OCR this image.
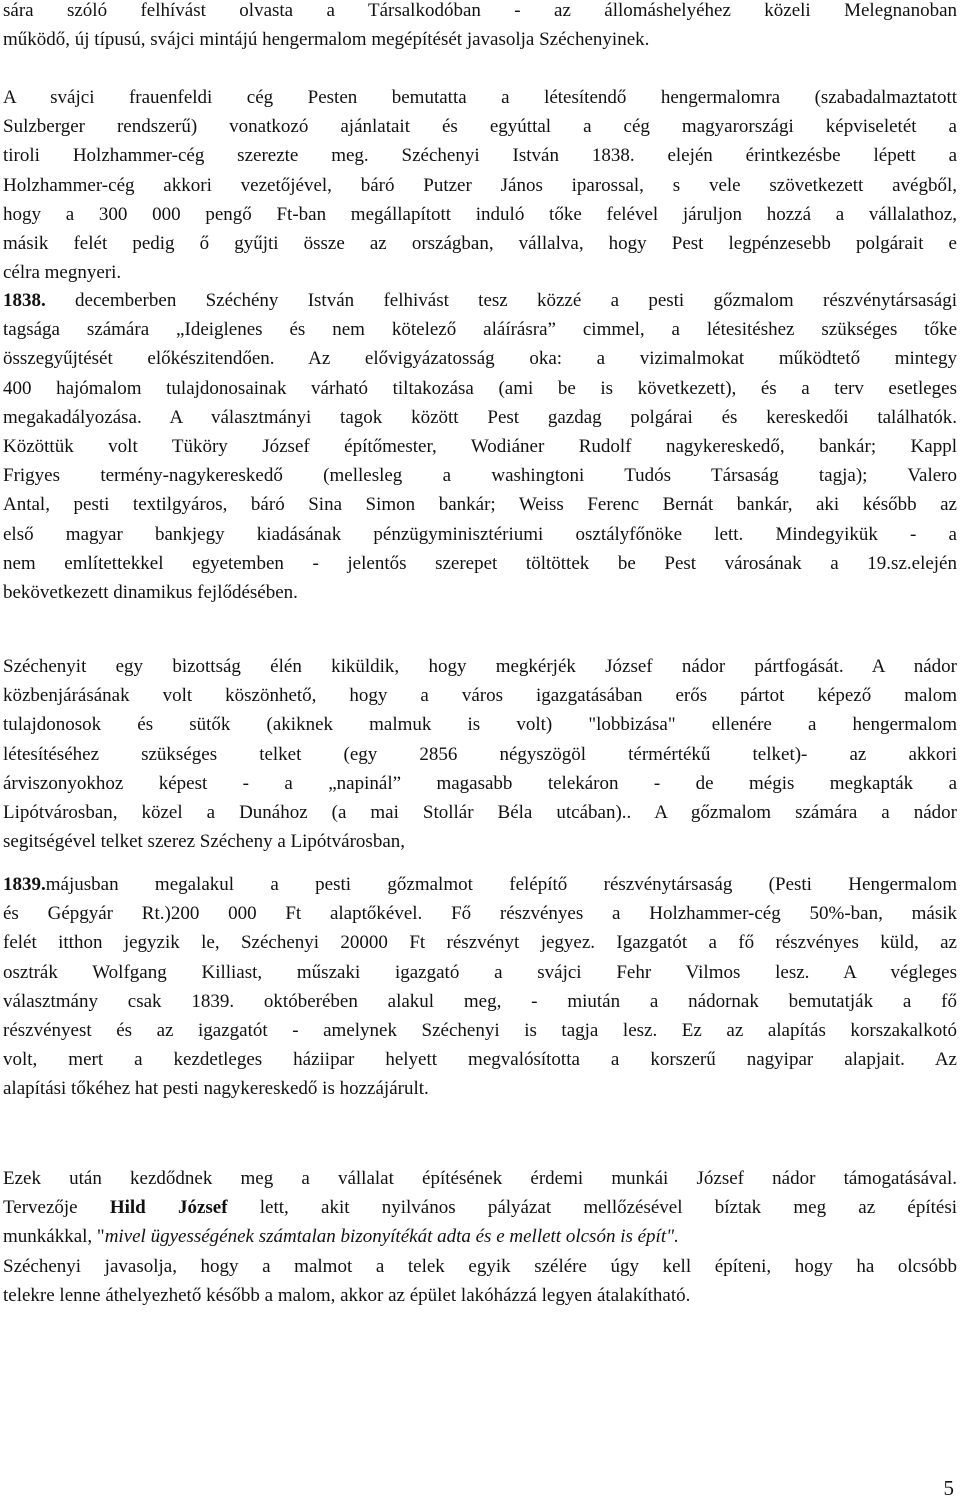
sára szóló felhívást olvasta a Társalkodóban - az állomáshelyéhez közeli Melegnanoban
működő, új típusú, svájci mintájú hengermalom megépítését javasolja Széchenyinek.
A svájci frauenfeldi cég Pesten bemutatta a létesítendő hengermalomra (szabadalmaztatott
Sulzberger rendszerű) vonatkozó ajánlatait és egyúttal a cég magyarországi képviseletét a
tiroli Holzhammer-cég szerezte meg. Széchenyi István 1838. elején érintkezésbe lépett a
Holzhammer-cég akkori vezetőjével, báró Putzer János iparossal, s vele szövetkezett avégből,
hogy a 300 000 pengő Ft-ban megállapított induló tőke felével járuljon hozzá a vállalathoz,
másik felét pedig ő gyűjti össze az országban, vállalva, hogy Pest legpénzesebb polgárait e
célra megnyeri.
1838. decemberben Széchény István felhivást tesz közzé a pesti gőzmalom részvénytársasági
tagsága számára „Ideiglenes és nem kötelező aláírásra” cimmel, a létesitéshez szükséges tőke
összegyűjtését előkészitendően. Az elővigyázatosság oka: a vizimalmokat működtető mintegy
400 hajómalom tulajdonosainak várható tiltakozása (ami be is következett), és a terv esetleges
megakadályozása. A választmányi tagok között Pest gazdag polgárai és kereskedői találhatók.
Közöttük volt Tüköry József építőmester, Wodiáner Rudolf nagykereskedő, bankár; Kappl
Frigyes termény-nagykereskedő (mellesleg a washingtoni Tudós Társaság tagja); Valero
Antal, pesti textilgyáros, báró Sina Simon bankár; Weiss Ferenc Bernát bankár, aki később az
első magyar bankjegy kiadásának pénzügyminisztériumi osztályfőnöke lett. Mindegyikük - a
nem említettekkel egyetemben - jelentős szerepet töltöttek be Pest városának a 19.sz.elején
bekövetkezett dinamikus fejlődésében.
Széchenyit egy bizottság élén kiküldik, hogy megkérjék József nádor pártfogását. A nádor
közbenjárásának volt köszönhető, hogy a város igazgatásában erős pártot képező malom
tulajdonosok és sütők (akiknek malmuk is volt) "lobbizása" ellenére a hengermalom
létesítéséhez szükséges telket (egy 2856 négyszögöl térmértékű telket)- az akkori
árviszonyokhoz képest - a „napinál” magasabb telekáron - de mégis megkapták a
Lipótvárosban, közel a Dunához (a mai Stollár Béla utcában).. A gőzmalom számára a nádor
segitségével telket szerez Szécheny a Lipótvárosban,
1839.májusban megalakul a pesti gőzmalmot felépítő részvénytársaság (Pesti Hengermalom
és Gépgyár Rt.)200 000 Ft alaptőkével. Fő részvényes a Holzhammer-cég 50%-ban, másik
felét itthon jegyzik le, Széchenyi 20000 Ft részvényt jegyez. Igazgatót a fő részvényes küld, az
osztrák Wolfgang Killiast, műszaki igazgató a svájci Fehr Vilmos lesz. A végleges
választmány csak 1839. októberében alakul meg, - miután a nádornak bemutatják a fő
részvényest és az igazgatót - amelynek Széchenyi is tagja lesz. Ez az alapítás korszakalkotó
volt, mert a kezdetleges háziipar helyett megvalósította a korszerű nagyipar alapjait. Az
alapítási tőkéhez hat pesti nagykereskedő is hozzájárult.
Ezek után kezdődnek meg a vállalat építésének érdemi munkái József nádor támogatásával.
Tervezője Hild József lett, akit nyilvános pályázat mellőzésével bíztak meg az építési
munkákkal, "mivel ügyességének számtalan bizonyítékát adta és e mellett olcsón is épít".
Széchenyi javasolja, hogy a malmot a telek egyik szélére úgy kell építeni, hogy ha olcsóbb
telekre lenne áthelyezhető később a malom, akkor az épület lakóházzá legyen átalakítható.
5
